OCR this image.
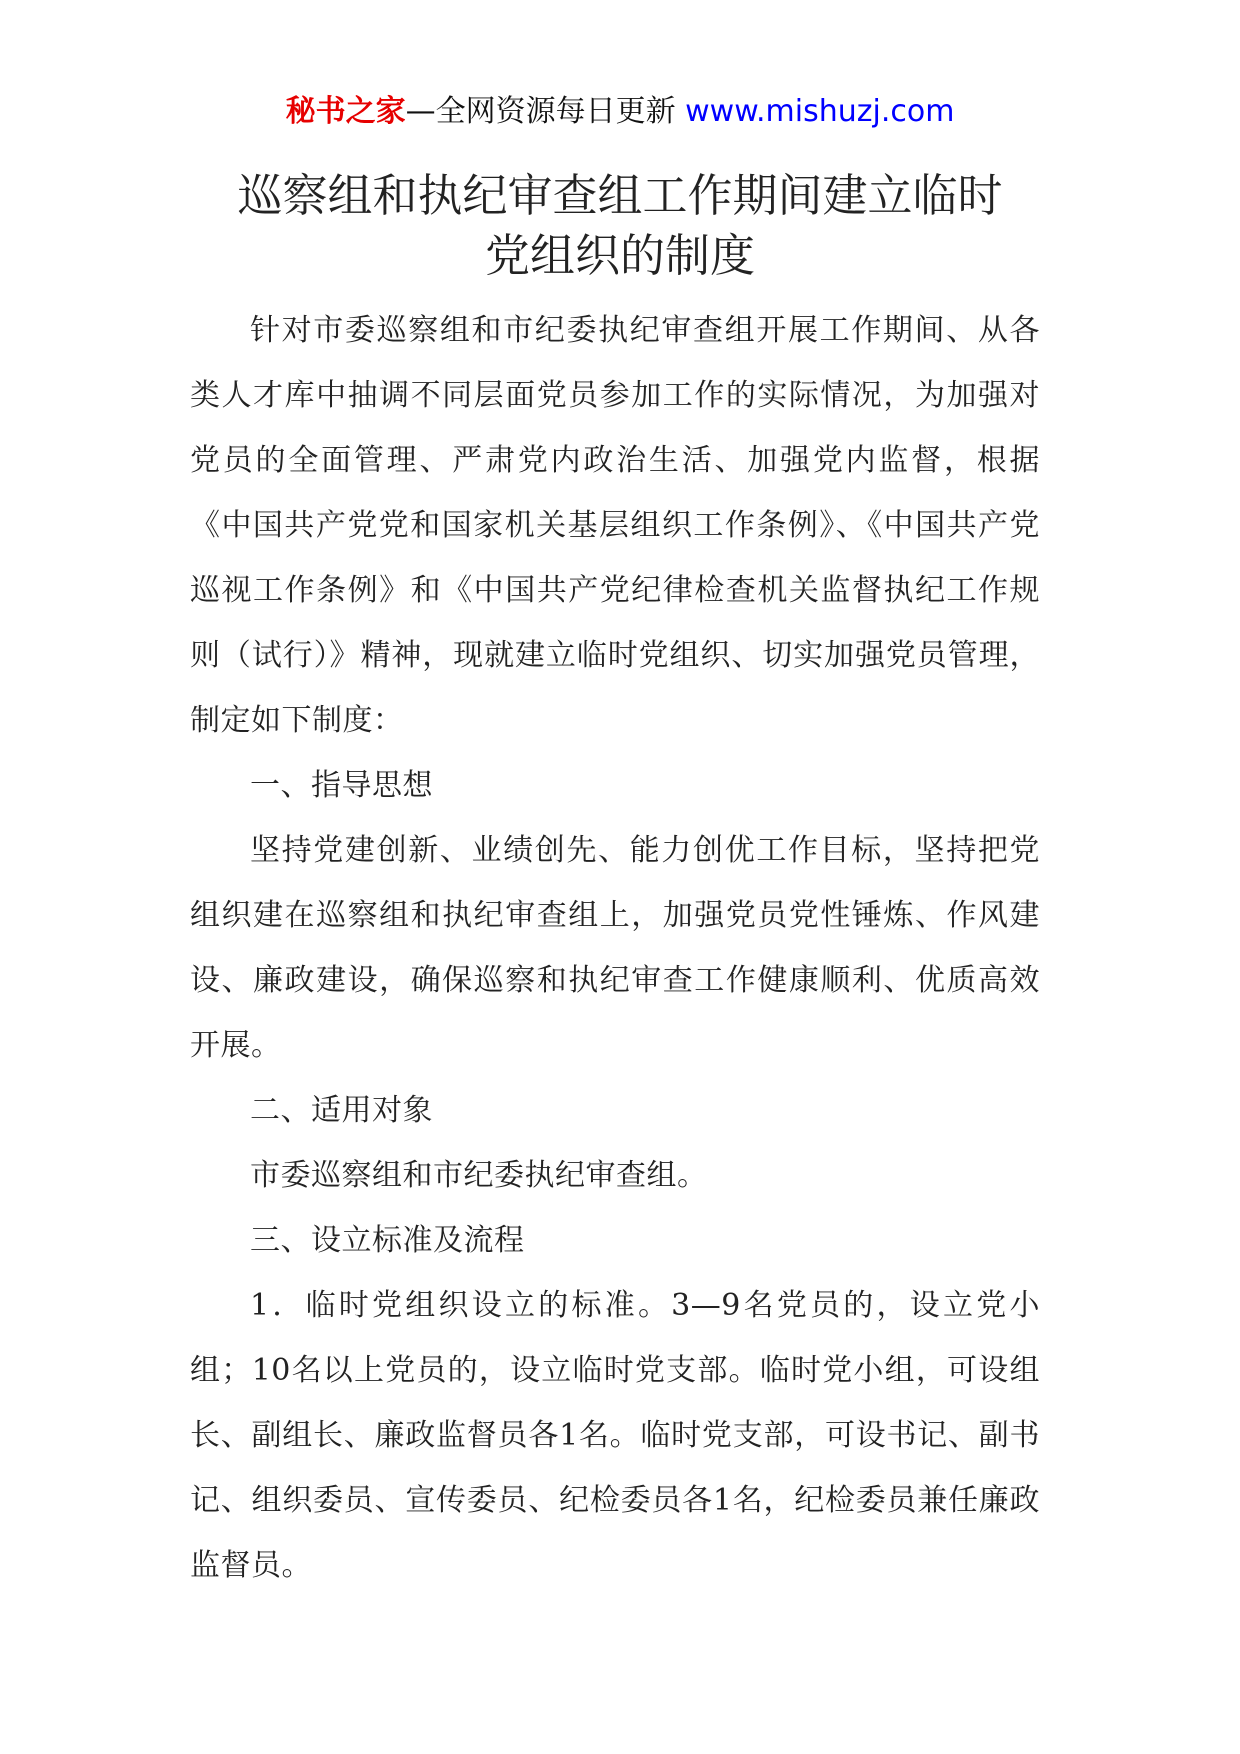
秘书之家—全网资源每日更新 www.mishuzj.com
巡察组和执纪审查组工作期间建立临时
党组织的制度

针对市委巡察组和市纪委执纪审查组开展工作期间、从各类人才库中抽调不同层面党员参加工作的实际情况，为加强对党员的全面管理、严肃党内政治生活、加强党内监督，根据《中国共产党党和国家机关基层组织工作条例》、《中国共产党巡视工作条例》和《中国共产党纪律检查机关监督执纪工作规则（试行）》精神，现就建立临时党组织、切实加强党员管理，制定如下制度：

一、指导思想

坚持党建创新、业绩创先、能力创优工作目标，坚持把党组织建在巡察组和执纪审查组上，加强党员党性锤炼、作风建设、廉政建设，确保巡察和执纪审查工作健康顺利、优质高效开展。

二、适用对象

市委巡察组和市纪委执纪审查组。

三、设立标准及流程

1．临时党组织设立的标准。3—9名党员的，设立党小组；10名以上党员的，设立临时党支部。临时党小组，可设组长、副组长、廉政监督员各1名。临时党支部，可设书记、副书记、组织委员、宣传委员、纪检委员各1名，纪检委员兼任廉政监督员。
